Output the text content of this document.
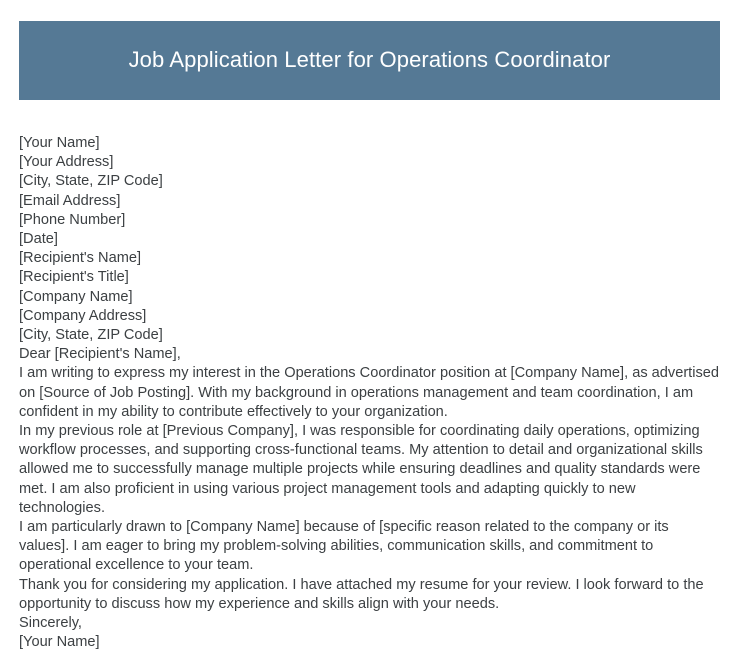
Job Application Letter for Operations Coordinator
[Your Name]
[Your Address]
[City, State, ZIP Code]
[Email Address]
[Phone Number]
[Date]
[Recipient's Name]
[Recipient's Title]
[Company Name]
[Company Address]
[City, State, ZIP Code]
Dear [Recipient's Name],

I am writing to express my interest in the Operations Coordinator position at [Company Name], as advertised on [Source of Job Posting]. With my background in operations management and team coordination, I am confident in my ability to contribute effectively to your organization.

In my previous role at [Previous Company], I was responsible for coordinating daily operations, optimizing workflow processes, and supporting cross-functional teams. My attention to detail and organizational skills allowed me to successfully manage multiple projects while ensuring deadlines and quality standards were met. I am also proficient in using various project management tools and adapting quickly to new technologies.

I am particularly drawn to [Company Name] because of [specific reason related to the company or its values]. I am eager to bring my problem-solving abilities, communication skills, and commitment to operational excellence to your team.

Thank you for considering my application. I have attached my resume for your review. I look forward to the opportunity to discuss how my experience and skills align with your needs.

Sincerely,
[Your Name]
